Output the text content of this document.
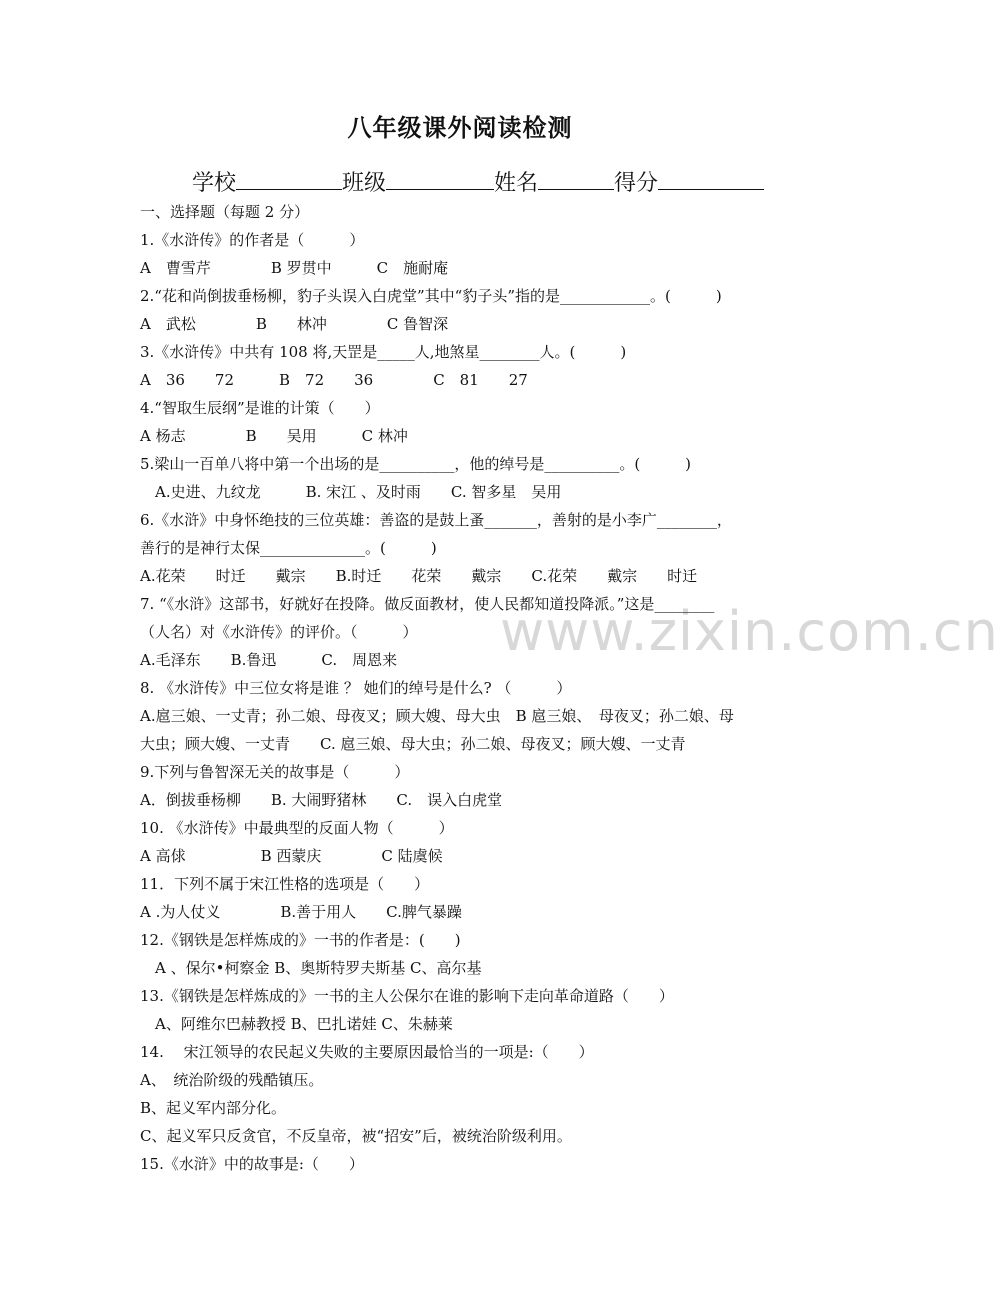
八年级课外阅读检测
学校	班级	姓名	得分
www.zixin.com.cn
一、选择题（每题 2 分）
1.《水浒传》的作者是（　　　）
A　曹雪芹　　　　B 罗贯中　　　C　施耐庵
2.“花和尚倒拔垂杨柳，豹子头误入白虎堂”其中“豹子头”指的是____________。(　　　)
A　武松　　　　B　　林冲　　　　C 鲁智深
3.《水浒传》中共有 108 将,天罡是_____人,地煞星________人。(　　　)
A　36　　72　　　B　72　　36　　　　C　81　　27
4.“智取生辰纲”是谁的计策（　　）
A 杨志　　　　B　　吴用　　　C 林冲
5.梁山一百单八将中第一个出场的是__________，他的绰号是__________。(　　　)
　A.史进、九纹龙　　　B. 宋江 、及时雨　　C. 智多星　吴用
6.《水浒》中身怀绝技的三位英雄：善盗的是鼓上蚤_______，善射的是小李广________，
善行的是神行太保______________。(　　　)
A.花荣　　时迁　　戴宗　　B.时迁　　花荣　　戴宗　　C.花荣　　戴宗　　时迁
7. “《水浒》这部书，好就好在投降。做反面教材，使人民都知道投降派。”这是________
（人名）对《水浒传》的评价。（　　　）
A.毛泽东　　B.鲁迅　　　C.　周恩来
8. 《水浒传》中三位女将是谁 ？ 她们的绰号是什么? （　　　）
A.扈三娘、一丈青；孙二娘、母夜叉；顾大嫂、母大虫　B 扈三娘、　母夜叉；孙二娘、母
大虫；顾大嫂、一丈青　　C. 扈三娘、母大虫；孙二娘、母夜叉；顾大嫂、一丈青
9.下列与鲁智深无关的故事是（　　　）
A．倒拔垂杨柳　　B. 大闹野猪林　　C.　误入白虎堂
10. 《水浒传》中最典型的反面人物（　　　）
A 高俅　　　　　B 西蒙庆　　　　C 陆虞候
11．下列不属于宋江性格的选项是（　　）
A .为人仗义　　　　B.善于用人　　C.脾气暴躁
12.《钢铁是怎样炼成的》一书的作者是：(　　)
　A 、保尔•柯察金 B、奥斯特罗夫斯基 C、高尔基
13.《钢铁是怎样炼成的》一书的主人公保尔在谁的影响下走向革命道路（　　）
　A、阿维尔巴赫教授 B、巴扎诺娃 C、朱赫莱
14.　 宋江领导的农民起义失败的主要原因最恰当的一项是:（　　）
A、　统治阶级的残酷镇压。
B、起义军内部分化。
C、起义军只反贪官，不反皇帝，被“招安”后，被统治阶级利用。
15.《水浒》中的故事是:（　　）
